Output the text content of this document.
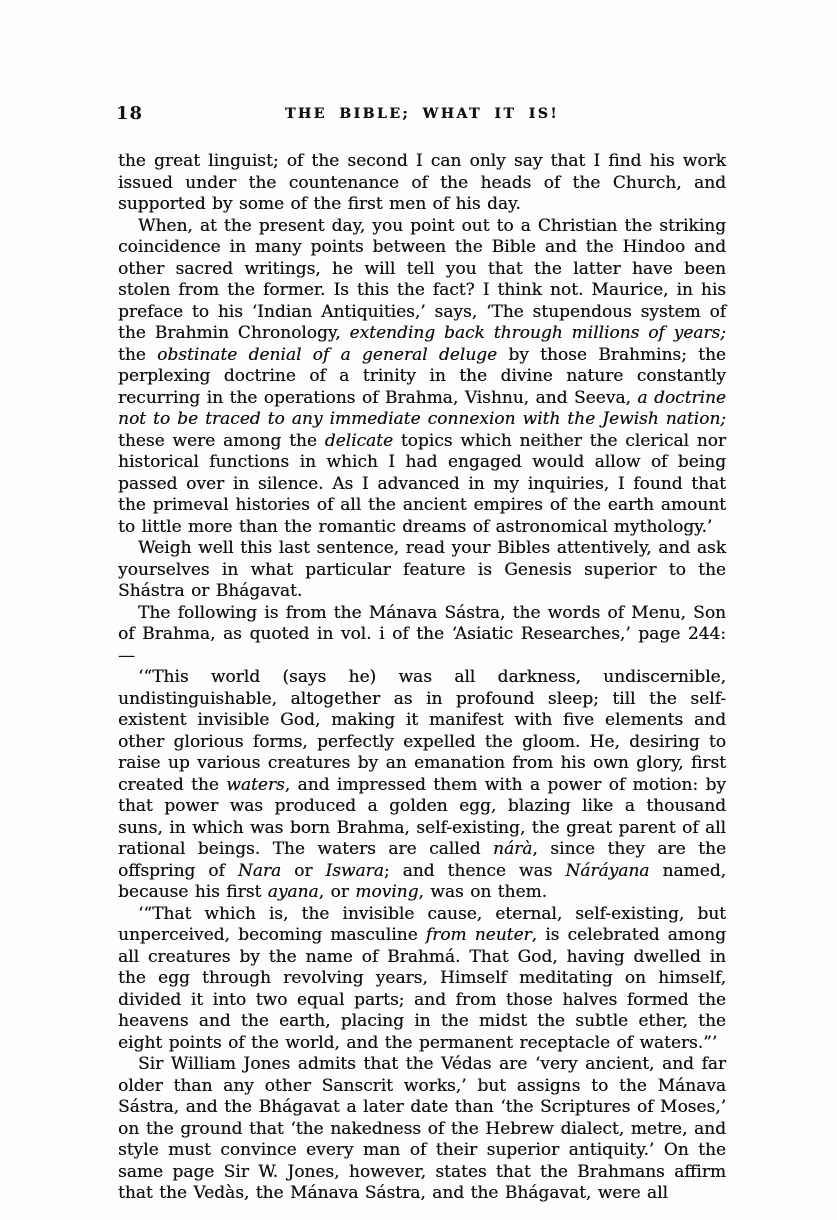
18	THE BIBLE; WHAT IT IS!

the great linguist; of the second I can only say that I find his work issued under the countenance of the heads of the Church, and supported by some of the first men of his day.

When, at the present day, you point out to a Christian the striking coincidence in many points between the Bible and the Hindoo and other sacred writings, he will tell you that the latter have been stolen from the former. Is this the fact? I think not. Maurice, in his preface to his ‘Indian Antiquities,’ says, ‘The stupendous system of the Brahmin Chronology, extending back through millions of years; the obstinate denial of a general deluge by those Brahmins; the perplexing doctrine of a trinity in the divine nature constantly recurring in the operations of Brahma, Vishnu, and Seeva, a doctrine not to be traced to any immediate connexion with the Jewish nation; these were among the delicate topics which neither the clerical nor historical functions in which I had engaged would allow of being passed over in silence. As I advanced in my inquiries, I found that the primeval histories of all the ancient empires of the earth amount to little more than the romantic dreams of astronomical mythology.’

Weigh well this last sentence, read your Bibles attentively, and ask yourselves in what particular feature is Genesis superior to the Shástra or Bhágavat.

The following is from the Mánava Sástra, the words of Menu, Son of Brahma, as quoted in vol. i of the ‘Asiatic Researches,’ page 244:—

‘“This world (says he) was all darkness, undiscernible, undistinguishable, altogether as in profound sleep; till the self-existent invisible God, making it manifest with five elements and other glorious forms, perfectly expelled the gloom. He, desiring to raise up various creatures by an emanation from his own glory, first created the waters, and impressed them with a power of motion: by that power was produced a golden egg, blazing like a thousand suns, in which was born Brahma, self-existing, the great parent of all rational beings. The waters are called nárà, since they are the offspring of Nara or Iswara; and thence was Náráyana named, because his first ayana, or moving, was on them.

‘“That which is, the invisible cause, eternal, self-existing, but unperceived, becoming masculine from neuter, is celebrated among all creatures by the name of Brahmá. That God, having dwelled in the egg through revolving years, Himself meditating on himself, divided it into two equal parts; and from those halves formed the heavens and the earth, placing in the midst the subtle ether, the eight points of the world, and the permanent receptacle of waters.”’

Sir William Jones admits that the Védas are ‘very ancient, and far older than any other Sanscrit works,’ but assigns to the Mánava Sástra, and the Bhágavat a later date than ‘the Scriptures of Moses,’ on the ground that ‘the nakedness of the Hebrew dialect, metre, and style must convince every man of their superior antiquity.’ On the same page Sir W. Jones, however, states that the Brahmans affirm that the Vedàs, the Mánava Sástra, and the Bhágavat, were all
